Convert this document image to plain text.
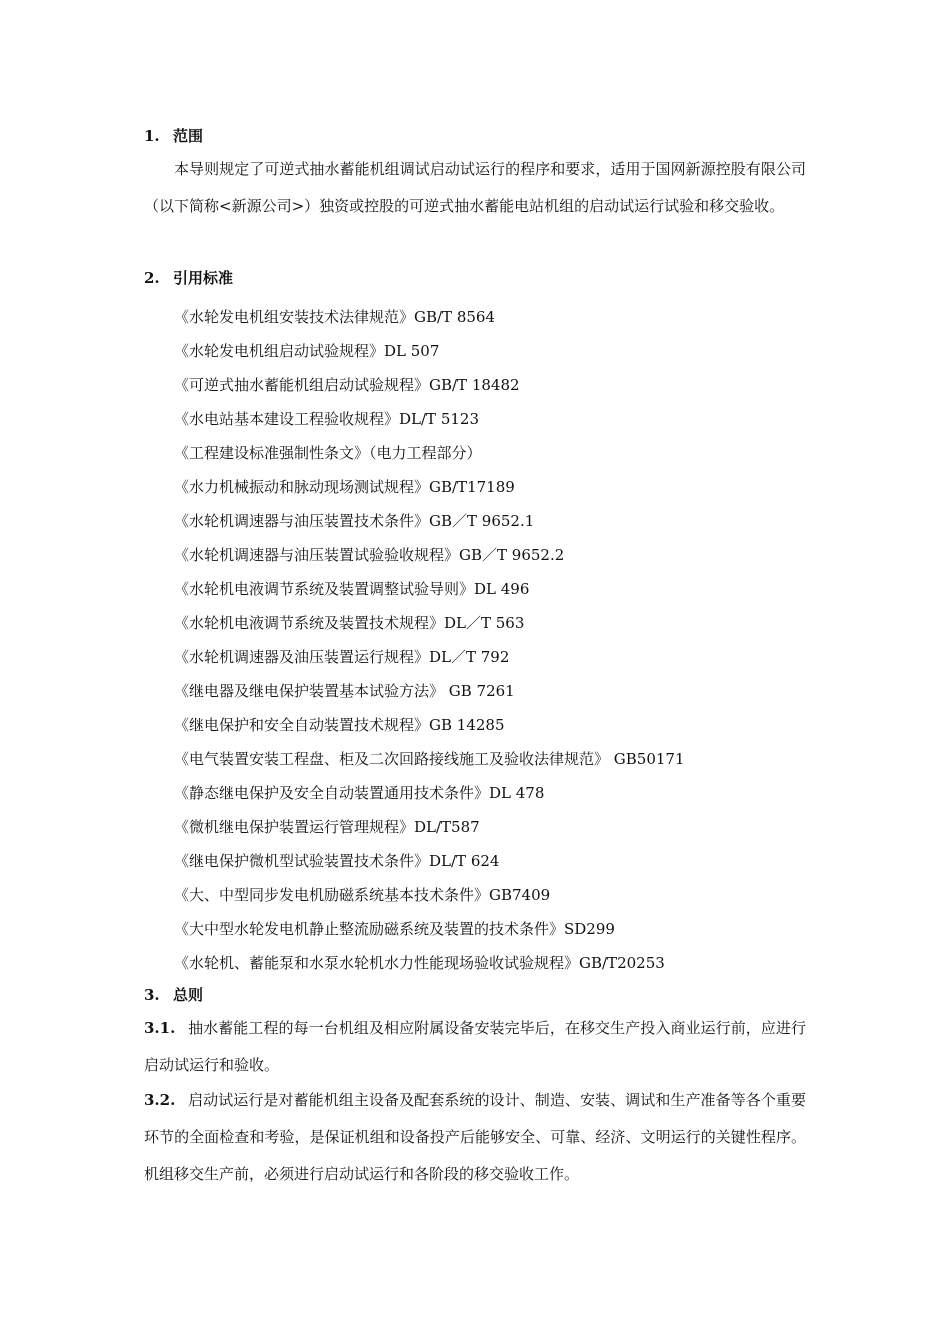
1. 范围
本导则规定了可逆式抽水蓄能机组调试启动试运行的程序和要求，适用于国网新源控股有限公司（以下简称<新源公司>）独资或控股的可逆式抽水蓄能电站机组的启动试运行试验和移交验收。
2. 引用标准
《水轮发电机组安装技术法律规范》GB/T 8564
《水轮发电机组启动试验规程》DL 507
《可逆式抽水蓄能机组启动试验规程》GB/T 18482
《水电站基本建设工程验收规程》DL/T 5123
《工程建设标准强制性条文》（电力工程部分）
《水力机械振动和脉动现场测试规程》GB/T17189
《水轮机调速器与油压装置技术条件》GB／T 9652.1
《水轮机调速器与油压装置试验验收规程》GB／T 9652.2
《水轮机电液调节系统及装置调整试验导则》DL 496
《水轮机电液调节系统及装置技术规程》DL／T 563
《水轮机调速器及油压装置运行规程》DL／T 792
《继电器及继电保护装置基本试验方法》 GB 7261
《继电保护和安全自动装置技术规程》GB 14285
《电气装置安装工程盘、柜及二次回路接线施工及验收法律规范》 GB50171
《静态继电保护及安全自动装置通用技术条件》DL 478
《微机继电保护装置运行管理规程》DL/T587
《继电保护微机型试验装置技术条件》DL/T 624
《大、中型同步发电机励磁系统基本技术条件》GB7409
《大中型水轮发电机静止整流励磁系统及装置的技术条件》SD299
《水轮机、蓄能泵和水泵水轮机水力性能现场验收试验规程》GB/T20253
3. 总则
3.1. 抽水蓄能工程的每一台机组及相应附属设备安装完毕后，在移交生产投入商业运行前，应进行启动试运行和验收。
3.2. 启动试运行是对蓄能机组主设备及配套系统的设计、制造、安装、调试和生产准备等各个重要环节的全面检查和考验，是保证机组和设备投产后能够安全、可靠、经济、文明运行的关键性程序。机组移交生产前，必须进行启动试运行和各阶段的移交验收工作。
